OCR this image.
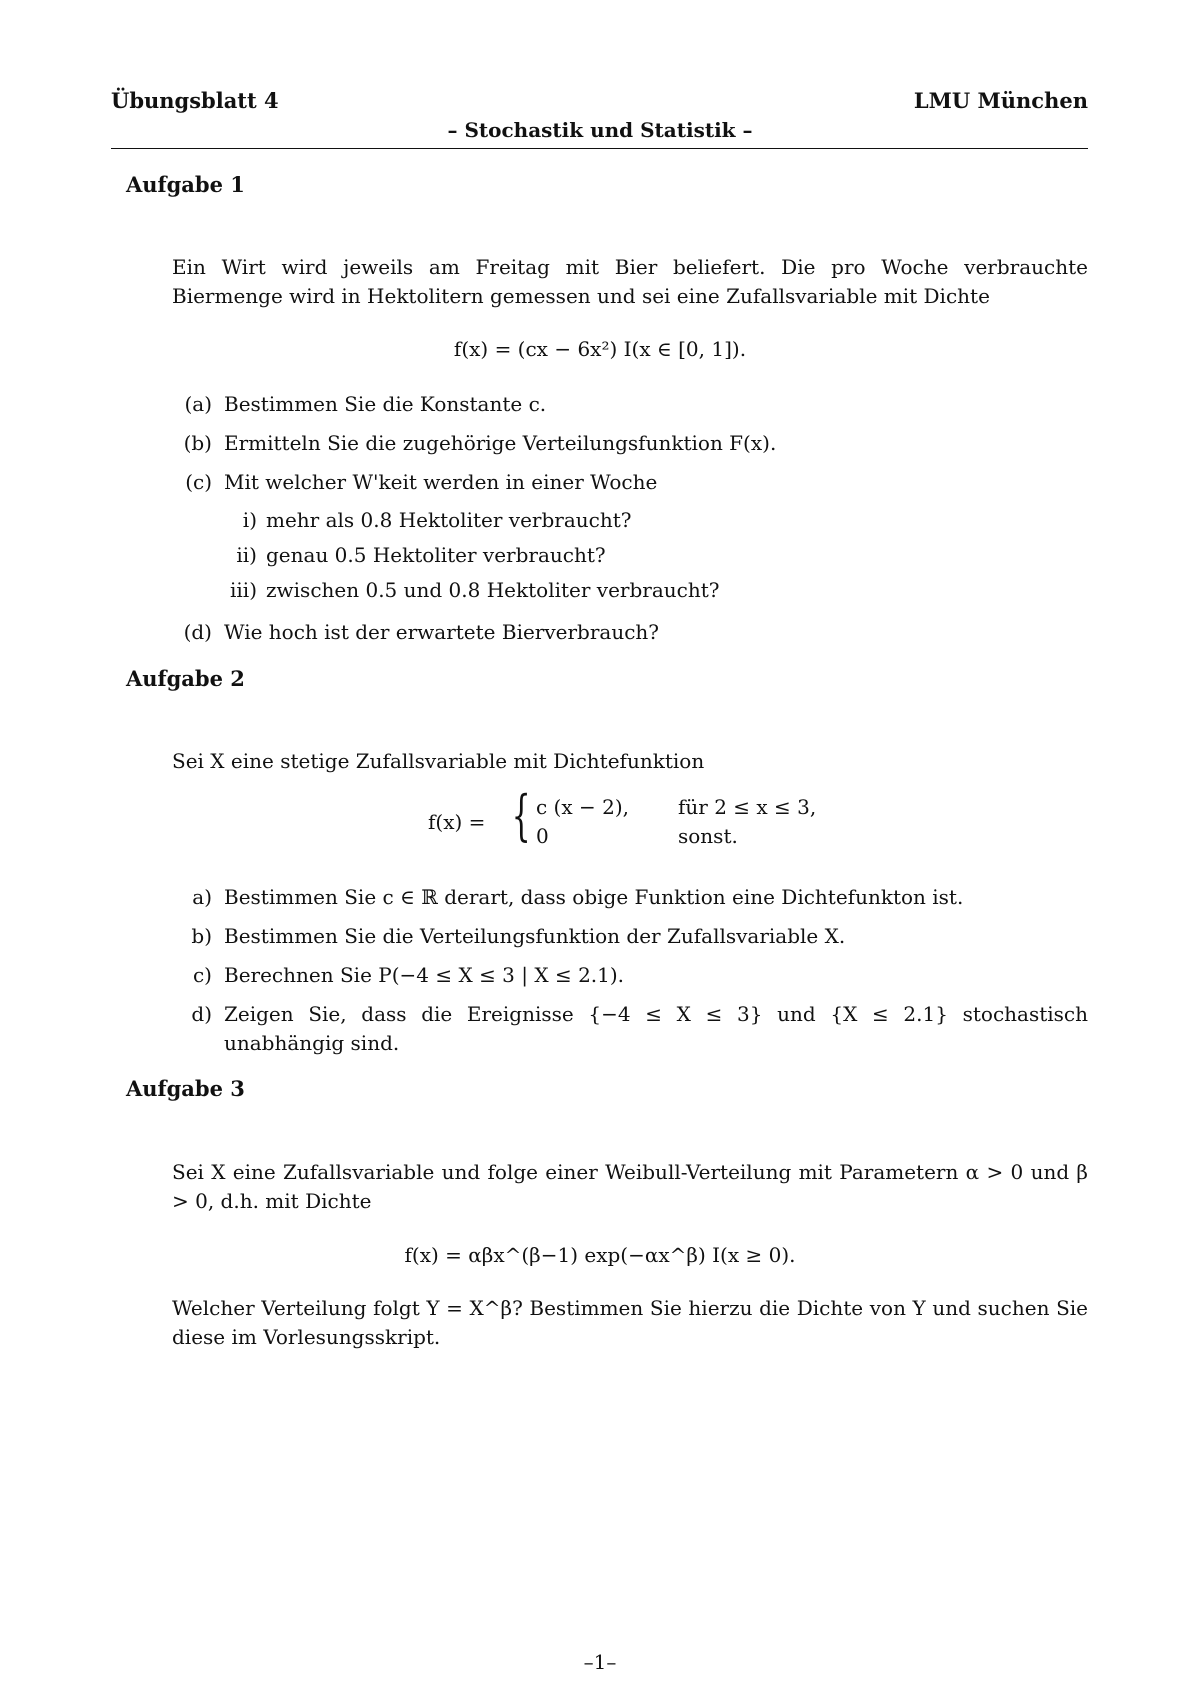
Übungsblatt 4	LMU München
– Stochastik und Statistik –
Aufgabe 1
Ein Wirt wird jeweils am Freitag mit Bier beliefert. Die pro Woche verbrauchte Biermenge wird in Hektolitern gemessen und sei eine Zufallsvariable mit Dichte
f(x) = (cx − 6x²) I(x ∈ [0, 1]).
(a) Bestimmen Sie die Konstante c.
(b) Ermitteln Sie die zugehörige Verteilungsfunktion F(x).
(c) Mit welcher W'keit werden in einer Woche
i) mehr als 0.8 Hektoliter verbraucht?
ii) genau 0.5 Hektoliter verbraucht?
iii) zwischen 0.5 und 0.8 Hektoliter verbraucht?
(d) Wie hoch ist der erwartete Bierverbrauch?
Aufgabe 2
Sei X eine stetige Zufallsvariable mit Dichtefunktion
f(x) = { c (x − 2), für 2 ≤ x ≤ 3,
0	sonst.
a) Bestimmen Sie c ∈ ℝ derart, dass obige Funktion eine Dichtefunkton ist.
b) Bestimmen Sie die Verteilungsfunktion der Zufallsvariable X.
c) Berechnen Sie P(−4 ≤ X ≤ 3 | X ≤ 2.1).
d) Zeigen Sie, dass die Ereignisse {−4 ≤ X ≤ 3} und {X ≤ 2.1} stochastisch unabhängig sind.
Aufgabe 3
Sei X eine Zufallsvariable und folge einer Weibull-Verteilung mit Parametern α > 0 und β > 0, d.h. mit Dichte
f(x) = αβx^(β−1) exp(−αx^β) I(x ≥ 0).
Welcher Verteilung folgt Y = X^β? Bestimmen Sie hierzu die Dichte von Y und suchen Sie diese im Vorlesungsskript.
–1–
